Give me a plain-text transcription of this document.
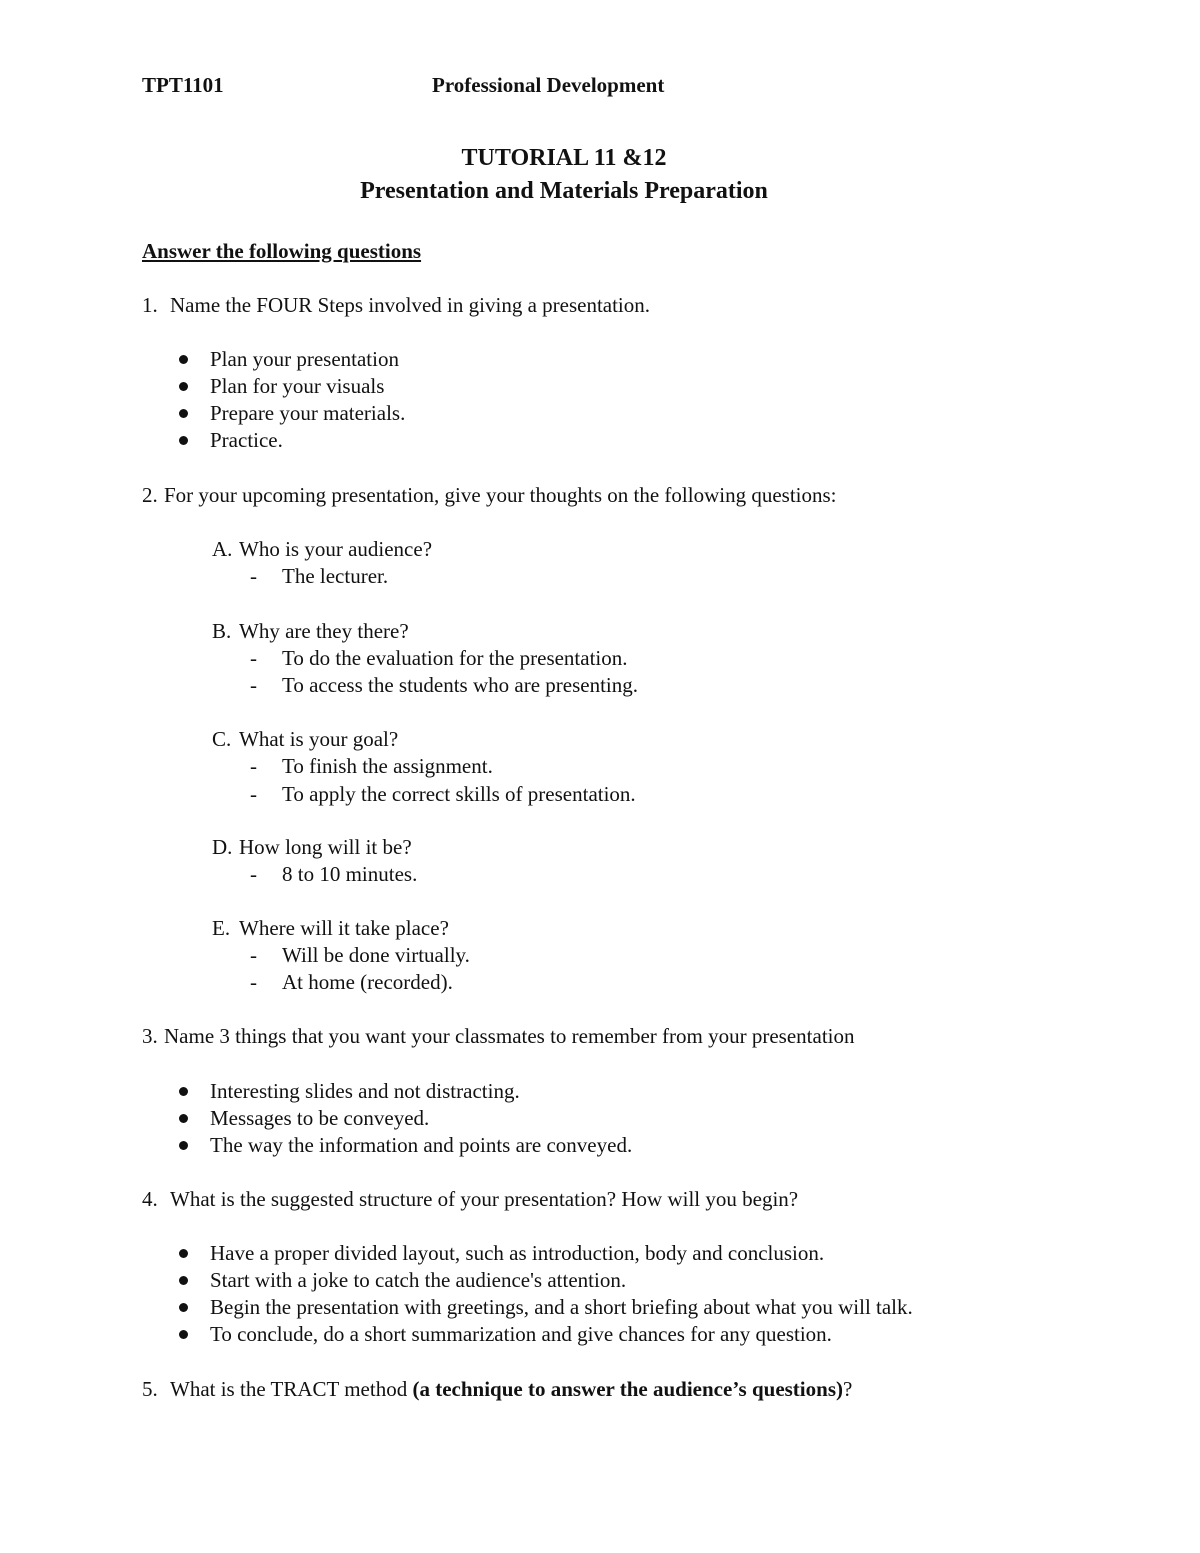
TPT1101	Professional Development
TUTORIAL 11 &12
Presentation and Materials Preparation
Answer the following questions
1. Name the FOUR Steps involved in giving a presentation.
Plan your presentation
Plan for your visuals
Prepare your materials.
Practice.
2. For your upcoming presentation, give your thoughts on the following questions:
A. Who is your audience?
- The lecturer.
B. Why are they there?
- To do the evaluation for the presentation.
- To access the students who are presenting.
C. What is your goal?
- To finish the assignment.
- To apply the correct skills of presentation.
D. How long will it be?
- 8 to 10 minutes.
E. Where will it take place?
- Will be done virtually.
- At home (recorded).
3. Name 3 things that you want your classmates to remember from your presentation
Interesting slides and not distracting.
Messages to be conveyed.
The way the information and points are conveyed.
4. What is the suggested structure of your presentation? How will you begin?
Have a proper divided layout, such as introduction, body and conclusion.
Start with a joke to catch the audience's attention.
Begin the presentation with greetings, and a short briefing about what you will talk.
To conclude, do a short summarization and give chances for any question.
5. What is the TRACT method (a technique to answer the audience’s questions)?
